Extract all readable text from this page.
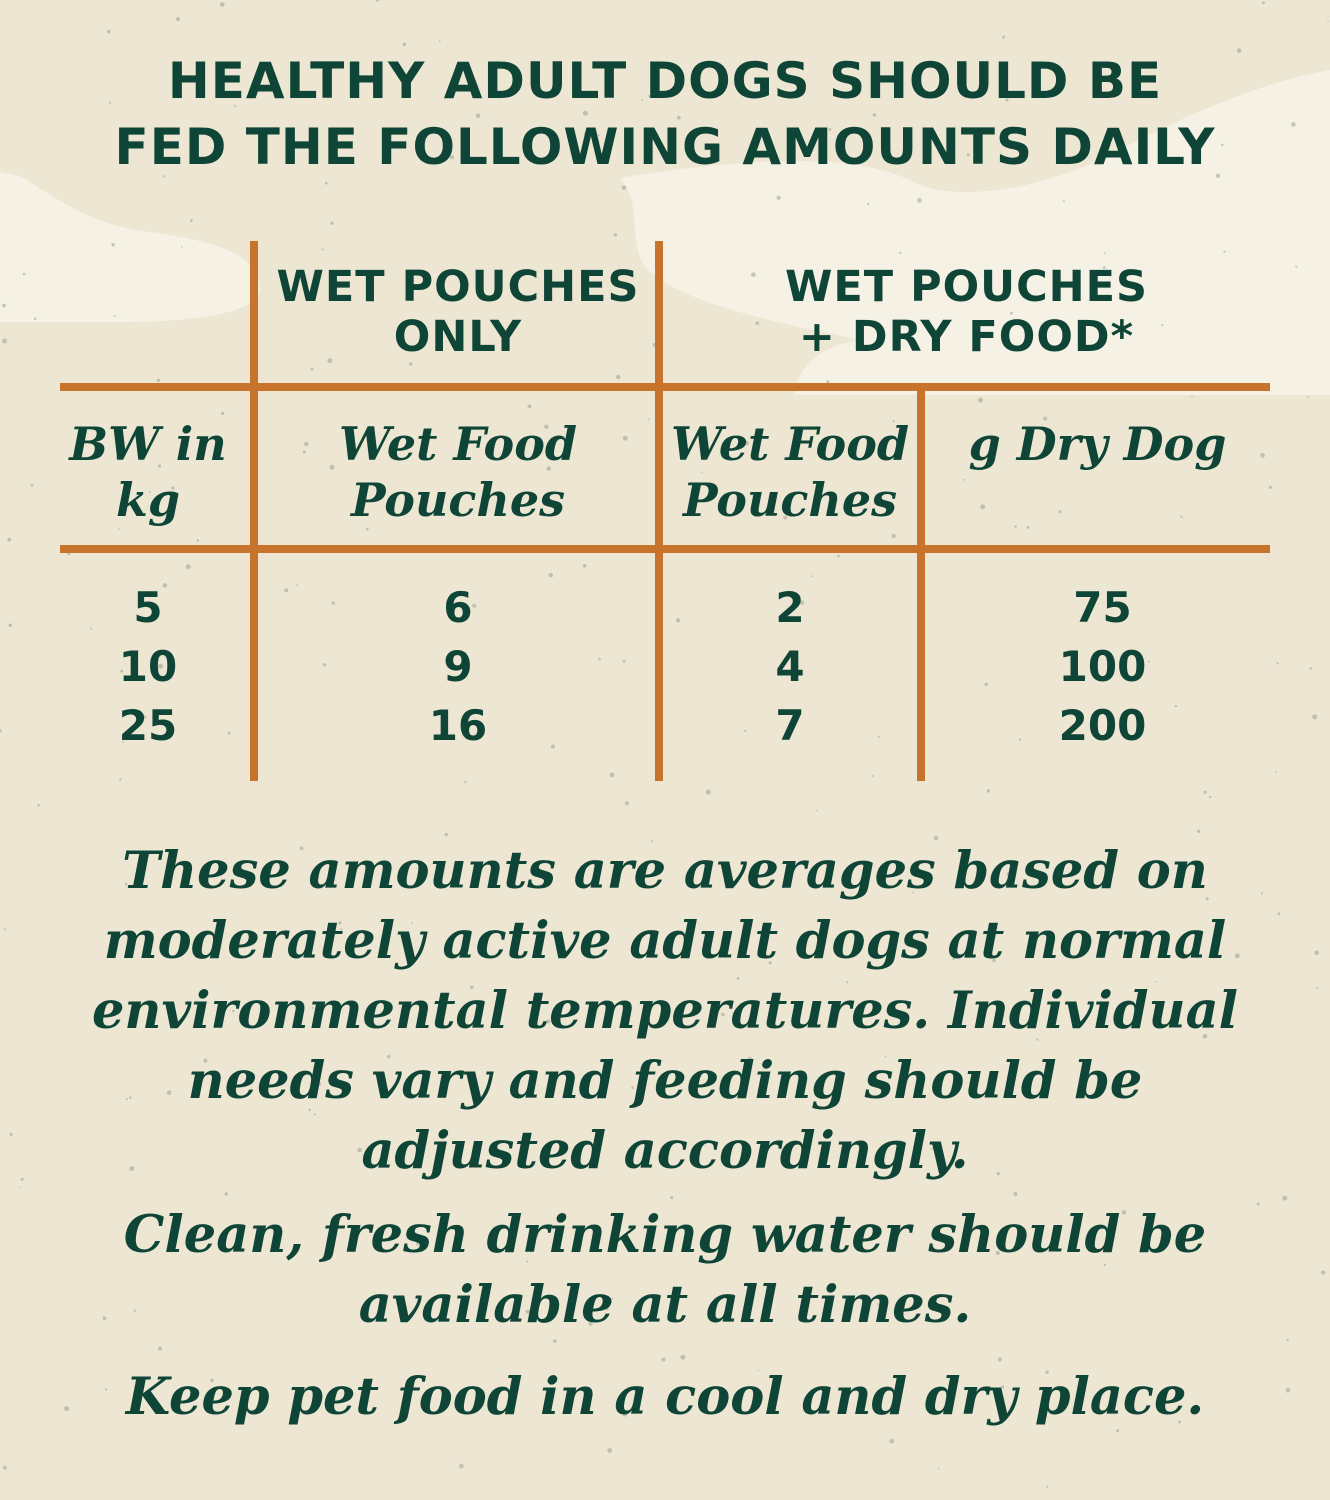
HEALTHY ADULT DOGS SHOULD BE
FED THE FOLLOWING AMOUNTS DAILY
WET POUCHES
ONLY
WET POUCHES
+ DRY FOOD*
BW in
kg
Wet Food
Pouches
Wet Food
Pouches
g Dry Dog
5
10
25
6
9
16
2
4
7
75
100
200

These amounts are averages based on
moderately active adult dogs at normal
environmental temperatures. Individual
needs vary and feeding should be
adjusted accordingly.

Clean, fresh drinking water should be
available at all times.

Keep pet food in a cool and dry place.
